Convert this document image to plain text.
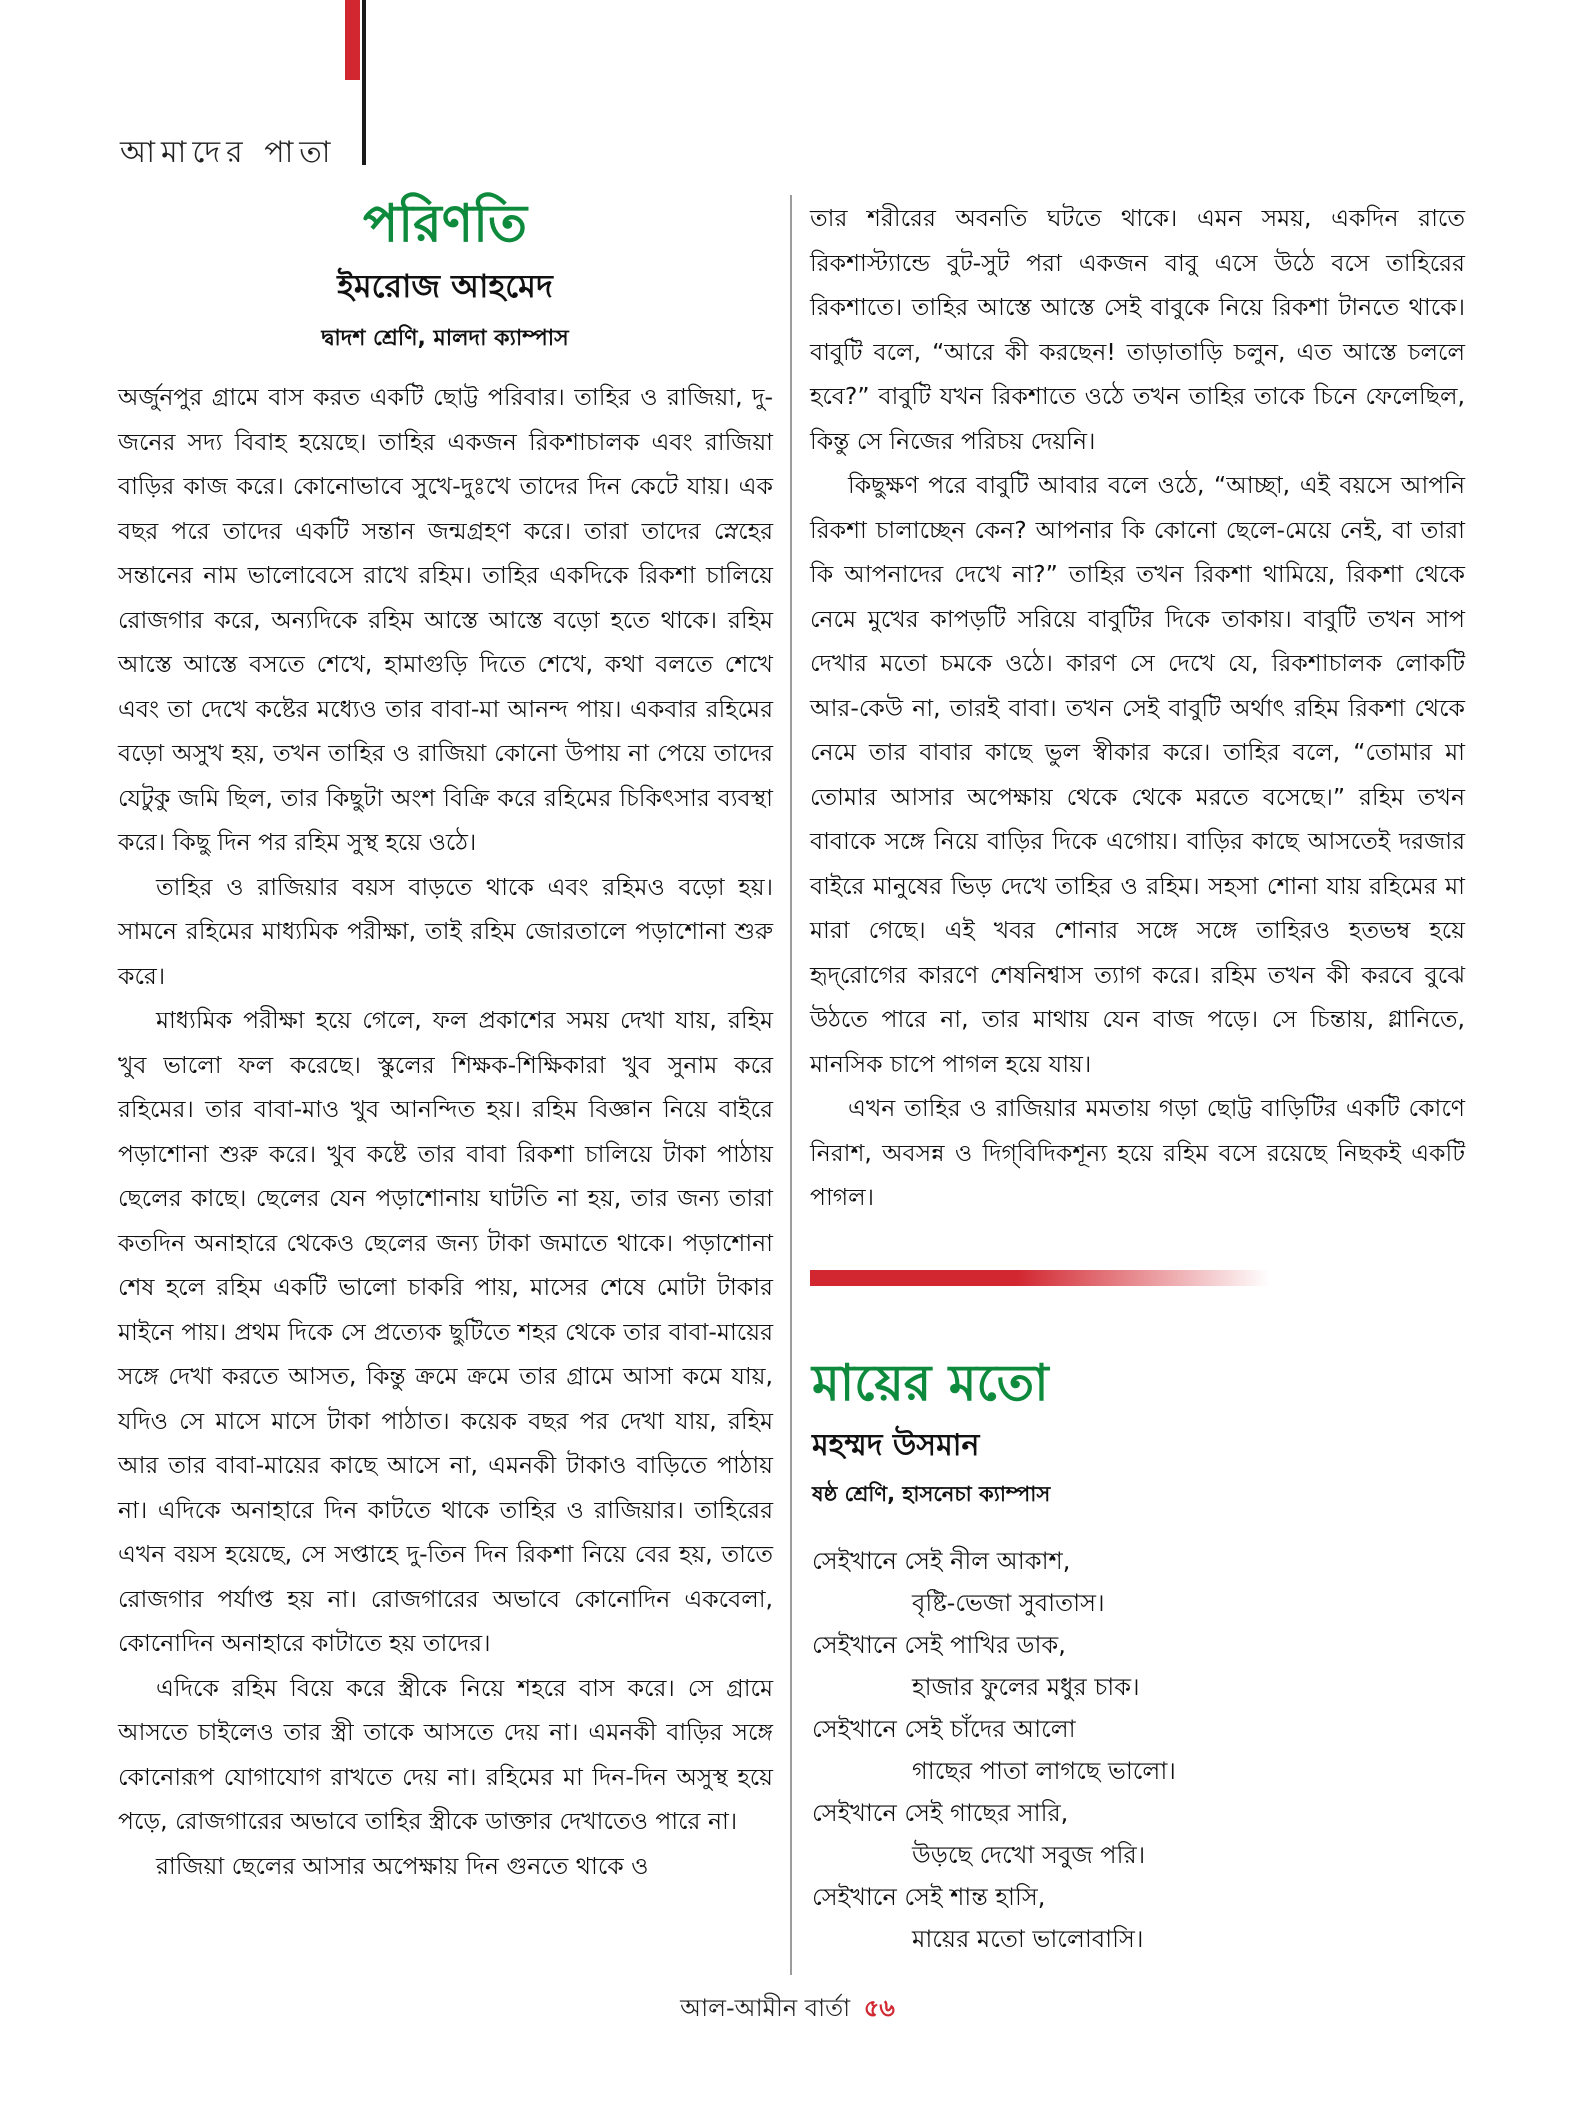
আমাদের পাতা

পরিণতি

ইমরোজ আহমেদ

দ্বাদশ শ্রেণি, মালদা ক্যাম্পাস

অর্জুনপুর গ্রামে বাস করত একটি ছোট্ট পরিবার। তাহির ও রাজিয়া, দু-জনের সদ্য বিবাহ হয়েছে। তাহির একজন রিকশাচালক এবং রাজিয়া বাড়ির কাজ করে। কোনোভাবে সুখে-দুঃখে তাদের দিন কেটে যায়। এক বছর পরে তাদের একটি সন্তান জন্মগ্রহণ করে। তারা তাদের স্নেহের সন্তানের নাম ভালোবেসে রাখে রহিম। তাহির একদিকে রিকশা চালিয়ে রোজগার করে, অন্যদিকে রহিম আস্তে আস্তে বড়ো হতে থাকে। রহিম আস্তে আস্তে বসতে শেখে, হামাগুড়ি দিতে শেখে, কথা বলতে শেখে এবং তা দেখে কষ্টের মধ্যেও তার বাবা-মা আনন্দ পায়। একবার রহিমের বড়ো অসুখ হয়, তখন তাহির ও রাজিয়া কোনো উপায় না পেয়ে তাদের যেটুকু জমি ছিল, তার কিছুটা অংশ বিক্রি করে রহিমের চিকিৎসার ব্যবস্থা করে। কিছু দিন পর রহিম সুস্থ হয়ে ওঠে।

তাহির ও রাজিয়ার বয়স বাড়তে থাকে এবং রহিমও বড়ো হয়। সামনে রহিমের মাধ্যমিক পরীক্ষা, তাই রহিম জোরতালে পড়াশোনা শুরু করে।

মাধ্যমিক পরীক্ষা হয়ে গেলে, ফল প্রকাশের সময় দেখা যায়, রহিম খুব ভালো ফল করেছে। স্কুলের শিক্ষক-শিক্ষিকারা খুব সুনাম করে রহিমের। তার বাবা-মাও খুব আনন্দিত হয়। রহিম বিজ্ঞান নিয়ে বাইরে পড়াশোনা শুরু করে। খুব কষ্টে তার বাবা রিকশা চালিয়ে টাকা পাঠায় ছেলের কাছে। ছেলের যেন পড়াশোনায় ঘাটতি না হয়, তার জন্য তারা কতদিন অনাহারে থেকেও ছেলের জন্য টাকা জমাতে থাকে। পড়াশোনা শেষ হলে রহিম একটি ভালো চাকরি পায়, মাসের শেষে মোটা টাকার মাইনে পায়। প্রথম দিকে সে প্রত্যেক ছুটিতে শহর থেকে তার বাবা-মায়ের সঙ্গে দেখা করতে আসত, কিন্তু ক্রমে ক্রমে তার গ্রামে আসা কমে যায়, যদিও সে মাসে মাসে টাকা পাঠাত। কয়েক বছর পর দেখা যায়, রহিম আর তার বাবা-মায়ের কাছে আসে না, এমনকী টাকাও বাড়িতে পাঠায় না। এদিকে অনাহারে দিন কাটতে থাকে তাহির ও রাজিয়ার। তাহিরের এখন বয়স হয়েছে, সে সপ্তাহে দু-তিন দিন রিকশা নিয়ে বের হয়, তাতে রোজগার পর্যাপ্ত হয় না। রোজগারের অভাবে কোনোদিন একবেলা, কোনোদিন অনাহারে কাটাতে হয় তাদের।

এদিকে রহিম বিয়ে করে স্ত্রীকে নিয়ে শহরে বাস করে। সে গ্রামে আসতে চাইলেও তার স্ত্রী তাকে আসতে দেয় না। এমনকী বাড়ির সঙ্গে কোনোরূপ যোগাযোগ রাখতে দেয় না। রহিমের মা দিন-দিন অসুস্থ হয়ে পড়ে, রোজগারের অভাবে তাহির স্ত্রীকে ডাক্তার দেখাতেও পারে না।

রাজিয়া ছেলের আসার অপেক্ষায় দিন গুনতে থাকে ও

তার শরীরের অবনতি ঘটতে থাকে। এমন সময়, একদিন রাতে রিকশাস্ট্যান্ডে বুট-সুট পরা একজন বাবু এসে উঠে বসে তাহিরের রিকশাতে। তাহির আস্তে আস্তে সেই বাবুকে নিয়ে রিকশা টানতে থাকে। বাবুটি বলে, “আরে কী করছেন! তাড়াতাড়ি চলুন, এত আস্তে চললে হবে?” বাবুটি যখন রিকশাতে ওঠে তখন তাহির তাকে চিনে ফেলেছিল, কিন্তু সে নিজের পরিচয় দেয়নি।

কিছুক্ষণ পরে বাবুটি আবার বলে ওঠে, “আচ্ছা, এই বয়সে আপনি রিকশা চালাচ্ছেন কেন? আপনার কি কোনো ছেলে-মেয়ে নেই, বা তারা কি আপনাদের দেখে না?” তাহির তখন রিকশা থামিয়ে, রিকশা থেকে নেমে মুখের কাপড়টি সরিয়ে বাবুটির দিকে তাকায়। বাবুটি তখন সাপ দেখার মতো চমকে ওঠে। কারণ সে দেখে যে, রিকশাচালক লোকটি আর-কেউ না, তারই বাবা। তখন সেই বাবুটি অর্থাৎ রহিম রিকশা থেকে নেমে তার বাবার কাছে ভুল স্বীকার করে। তাহির বলে, “তোমার মা তোমার আসার অপেক্ষায় থেকে থেকে মরতে বসেছে।” রহিম তখন বাবাকে সঙ্গে নিয়ে বাড়ির দিকে এগোয়। বাড়ির কাছে আসতেই দরজার বাইরে মানুষের ভিড় দেখে তাহির ও রহিম। সহসা শোনা যায় রহিমের মা মারা গেছে। এই খবর শোনার সঙ্গে সঙ্গে তাহিরও হতভম্ব হয়ে হৃদ্‌রোগের কারণে শেষনিশ্বাস ত্যাগ করে। রহিম তখন কী করবে বুঝে উঠতে পারে না, তার মাথায় যেন বাজ পড়ে। সে চিন্তায়, গ্লানিতে, মানসিক চাপে পাগল হয়ে যায়।

এখন তাহির ও রাজিয়ার মমতায় গড়া ছোট্ট বাড়িটির একটি কোণে নিরাশ, অবসন্ন ও দিগ্‌বিদিকশূন্য হয়ে রহিম বসে রয়েছে নিছকই একটি পাগল।

মায়ের মতো

মহম্মদ উসমান

ষষ্ঠ শ্রেণি, হাসনেচা ক্যাম্পাস

সেইখানে সেই নীল আকাশ,
বৃষ্টি-ভেজা সুবাতাস।
সেইখানে সেই পাখির ডাক,
হাজার ফুলের মধুর চাক।
সেইখানে সেই চাঁদের আলো
গাছের পাতা লাগছে ভালো।
সেইখানে সেই গাছের সারি,
উড়ছে দেখো সবুজ পরি।
সেইখানে সেই শান্ত হাসি,
মায়ের মতো ভালোবাসি।
আল-আমীন বার্তা ৫৬
